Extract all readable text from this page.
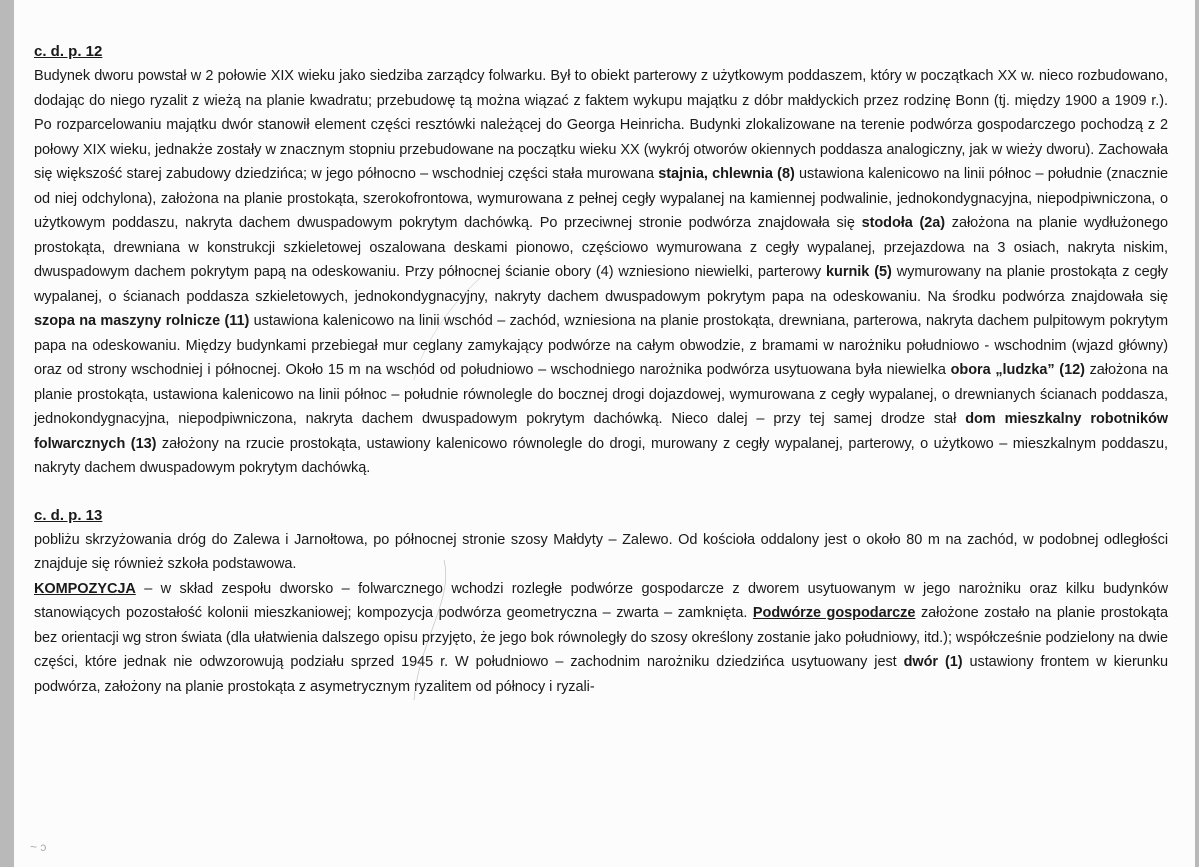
c. d. p. 12

Budynek dworu powstał w 2 połowie XIX wieku jako siedziba zarządcy folwarku. Był to obiekt parterowy z użytkowym poddaszem, który w początkach XX w. nieco rozbudowano, dodając do niego ryzalit z wieżą na planie kwadratu; przebudowę tą można wiązać z faktem wykupu majątku z dóbr małdyckich przez rodzinę Bonn (tj. między 1900 a 1909 r.). Po rozparcelowaniu majątku dwór stanowił element części resztówki należącej do Georga Heinricha. Budynki zlokalizowane na terenie podwórza gospodarczego pochodzą z 2 połowy XIX wieku, jednakże zostały w znacznym stopniu przebudowane na początku wieku XX (wykrój otworów okiennych poddasza analogiczny, jak w wieży dworu). Zachowała się większość starej zabudowy dziedzińca; w jego północno – wschodniej części stała murowana stajnia, chlewnia (8) ustawiona kalenicowo na linii północ – południe (znacznie od niej odchylona), założona na planie prostokąta, szerokofrontowa, wymurowana z pełnej cegły wypalanej na kamiennej podwalinie, jednokondygnacyjna, niepodpiwniczona, o użytkowym poddaszu, nakryta dachem dwuspadowym pokrytym dachówką. Po przeciwnej stronie podwórza znajdowała się stodoła (2a) założona na planie wydłużonego prostokąta, drewniana w konstrukcji szkieletowej oszalowana deskami pionowo, częściowo wymurowana z cegły wypalanej, przejazdowa na 3 osiach, nakryta niskim, dwuspadowym dachem pokrytym papą na odeskowaniu. Przy północnej ścianie obory (4) wzniesiono niewielki, parterowy kurnik (5) wymurowany na planie prostokąta z cegły wypalanej, o ścianach poddasza szkieletowych, jednokondygnacyjny, nakryty dachem dwuspadowym pokrytym papa na odeskowaniu. Na środku podwórza znajdowała się szopa na maszyny rolnicze (11) ustawiona kalenicowo na linii wschód – zachód, wzniesiona na planie prostokąta, drewniana, parterowa, nakryta dachem pulpitowym pokrytym papa na odeskowaniu. Między budynkami przebiegał mur ceglany zamykający podwórze na całym obwodzie, z bramami w narożniku południowo - wschodnim (wjazd główny) oraz od strony wschodniej i północnej. Około 15 m na wschód od południowo – wschodniego narożnika podwórza usytuowana była niewielka obora „ludzka” (12) założona na planie prostokąta, ustawiona kalenicowo na linii północ – południe równolegle do bocznej drogi dojazdowej, wymurowana z cegły wypalanej, o drewnianych ścianach poddasza, jednokondygnacyjna, niepodpiwniczona, nakryta dachem dwuspadowym pokrytym dachówką. Nieco dalej – przy tej samej drodze stał dom mieszkalny robotników folwarcznych (13) założony na rzucie prostokąta, ustawiony kalenicowo równolegle do drogi, murowany z cegły wypalanej, parterowy, o użytkowo – mieszkalnym poddaszu, nakryty dachem dwuspadowym pokrytym dachówką.

c. d. p. 13

pobliżu skrzyżowania dróg do Zalewa i Jarnołtowa, po północnej stronie szosy Małdyty – Zalewo. Od kościoła oddalony jest o około 80 m na zachód, w podobnej odległości znajduje się również szkoła podstawowa.

KOMPOZYCJA – w skład zespołu dworsko – folwarcznego wchodzi rozległe podwórze gospodarcze z dworem usytuowanym w jego narożniku oraz kilku budynków stanowiących pozostałość kolonii mieszkaniowej; kompozycja podwórza geometryczna – zwarta – zamknięta. Podwórze gospodarcze założone zostało na planie prostokąta bez orientacji wg stron świata (dla ułatwienia dalszego opisu przyjęto, że jego bok równoległy do szosy określony zostanie jako południowy, itd.); współcześnie podzielony na dwie części, które jednak nie odwzorowują podziału sprzed 1945 r. W południowo – zachodnim narożniku dziedzińca usytuowany jest dwór (1) ustawiony frontem w kierunku podwórza, założony na planie prostokąta z asymetrycznym ryzalitem od północy i ryzali-

~ ↄ
